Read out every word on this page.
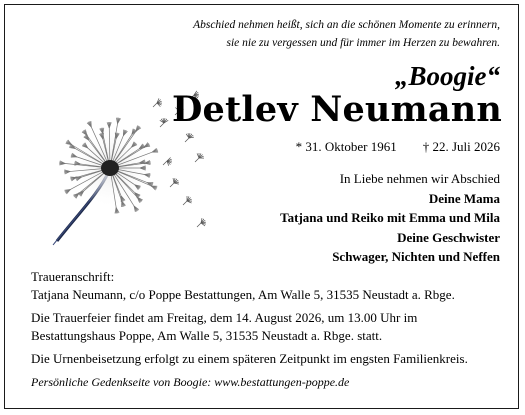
Abschied nehmen heißt, sich an die schönen Momente zu erinnern,
sie nie zu vergessen und für immer im Herzen zu bewahren.
„Boogie“
Detlev Neumann
* 31. Oktober 1961 † 22. Juli 2026
In Liebe nehmen wir Abschied
Deine Mama
Tatjana und Reiko mit Emma und Mila
Deine Geschwister
Schwager, Nichten und Neffen

Traueranschrift:
Tatjana Neumann, c/o Poppe Bestattungen, Am Walle 5, 31535 Neustadt a. Rbge.

Die Trauerfeier findet am Freitag, dem 14. August 2026, um 13.00 Uhr im Bestattungshaus Poppe, Am Walle 5, 31535 Neustadt a. Rbge. statt.

Die Urnenbeisetzung erfolgt zu einem späteren Zeitpunkt im engsten Familienkreis.

Persönliche Gedenkseite von Boogie: www.bestattungen-poppe.de
